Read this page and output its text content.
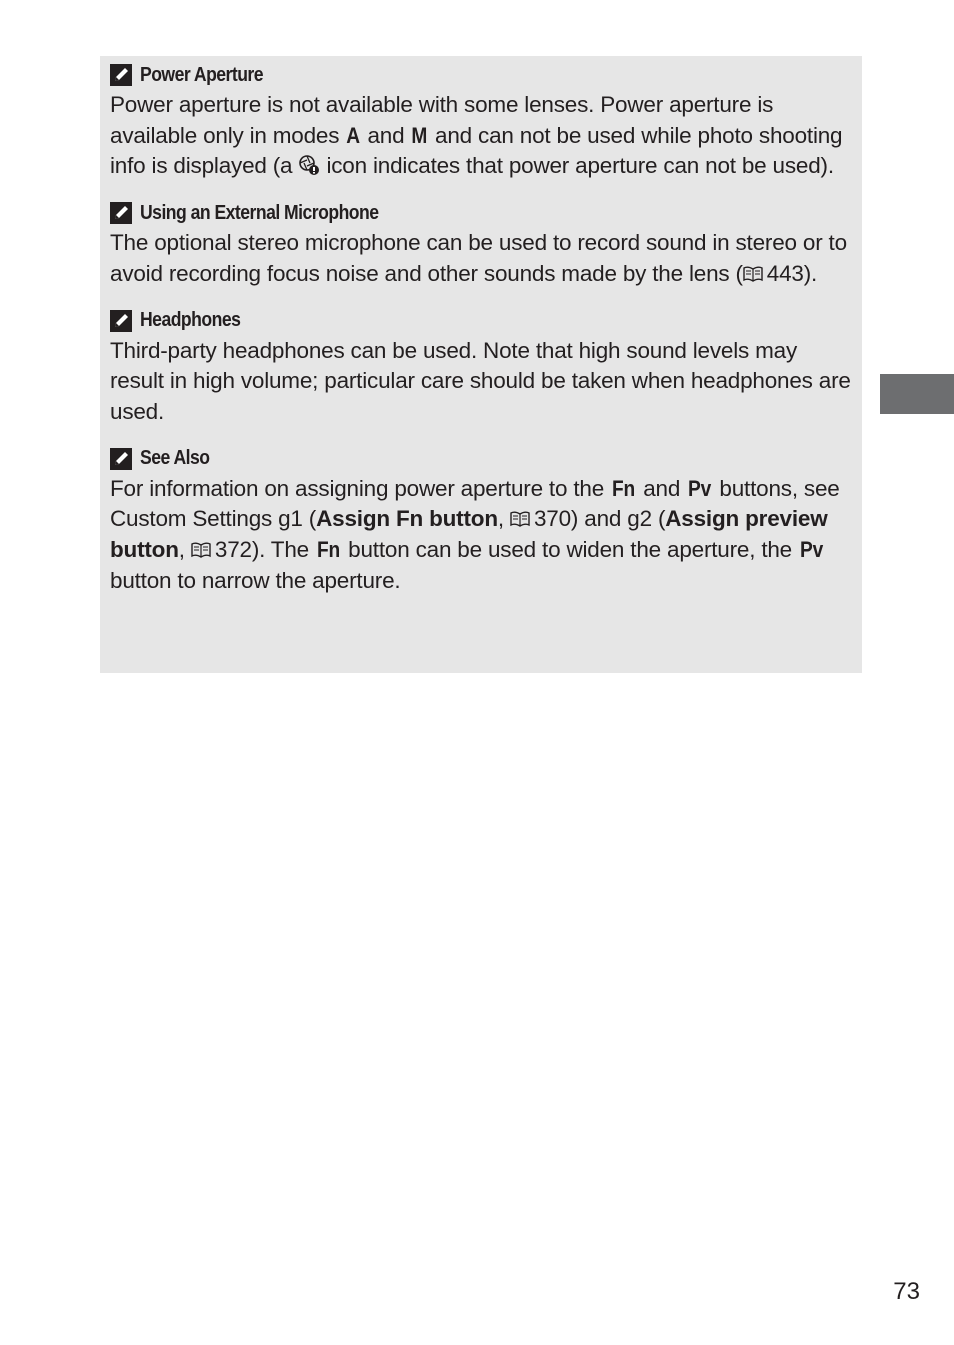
Power Aperture

Power aperture is not available with some lenses. Power aperture is available only in modes A and M and can not be used while photo shooting info is displayed (a  icon indicates that power aperture can not be used).

Using an External Microphone

The optional stereo microphone can be used to record sound in stereo or to avoid recording focus noise and other sounds made by the lens ( 443).

Headphones

Third-party headphones can be used. Note that high sound levels may result in high volume; particular care should be taken when headphones are used.

See Also

For information on assigning power aperture to the Fn and Pv buttons, see Custom Settings g1 (Assign Fn button, 370) and g2 (Assign preview button, 372). The Fn button can be used to widen the aperture, the Pv button to narrow the aperture.

73
